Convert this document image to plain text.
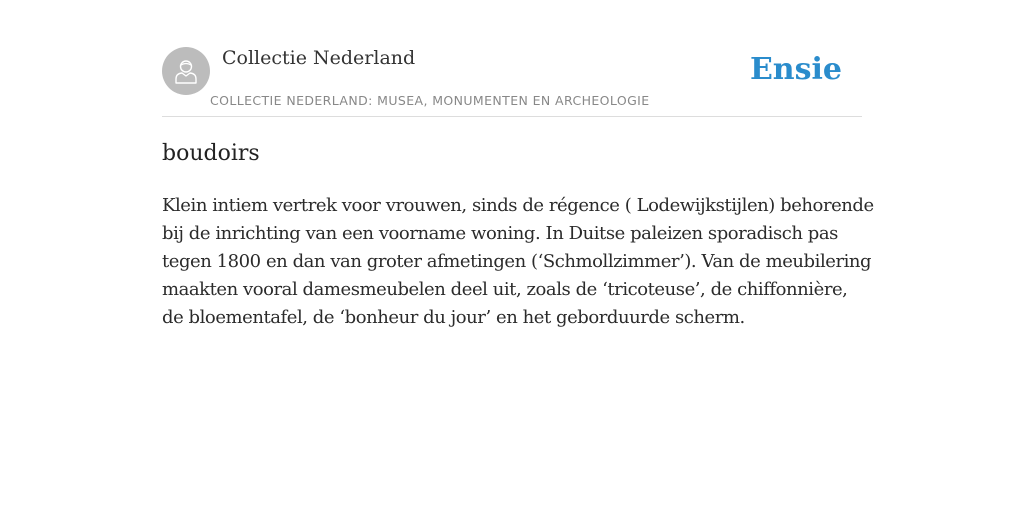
Collectie Nederland
COLLECTIE NEDERLAND: MUSEA, MONUMENTEN EN ARCHEOLOGIE
Ensie
boudoirs

Klein intiem vertrek voor vrouwen, sinds de régence ( Lodewijkstijlen) behorende
bij de inrichting van een voorname woning. In Duitse paleizen sporadisch pas
tegen 1800 en dan van groter afmetingen (‘Schmollzimmer’). Van de meubilering
maakten vooral damesmeubelen deel uit, zoals de ‘tricoteuse’, de chiffonnière,
de bloementafel, de ‘bonheur du jour’ en het geborduurde scherm.
